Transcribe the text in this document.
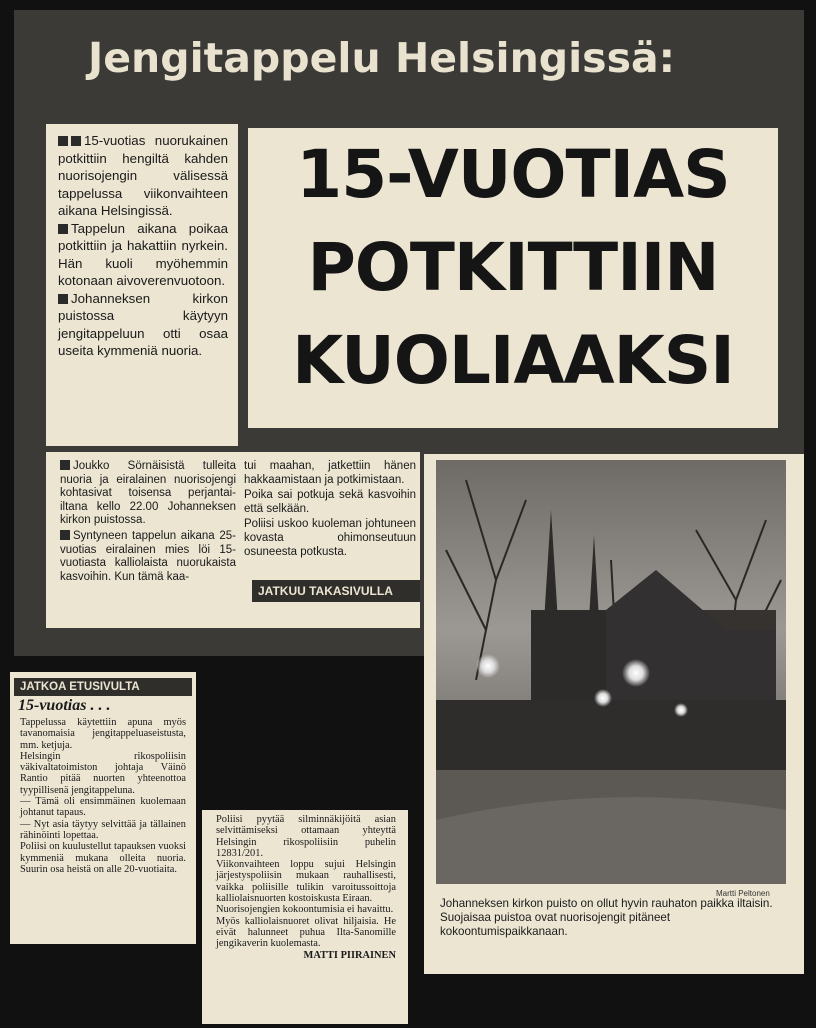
Jengitappelu Helsingissä:

15-vuotias nuorukainen potkittiin hengiltä kahden nuorisojengin välisessä tappelussa viikonvaihteen aikana Helsingissä.

Tappelun aikana poikaa potkittiin ja hakattiin nyrkein. Hän kuoli myöhemmin kotonaan aivoverenvuotoon.

Johanneksen kirkon puistossa käytyyn jengitappeluun otti osaa useita kymmeniä nuoria.

15-VUOTIAS
POTKITTIIN
KUOLIAAKSI

Joukko Sörnäisistä tulleita nuoria ja eiralainen nuorisojengi kohtasivat toisensa perjantai-iltana kello 22.00 Johanneksen kirkon puistossa.

Syntyneen tappelun aikana 25-vuotias eiralainen mies löi 15-vuotiasta kalliolaista nuorukaista kasvoihin. Kun tämä kaa-

tui maahan, jatkettiin hänen hakkaamistaan ja potkimistaan.

Poika sai potkuja sekä kasvoihin että selkään.

Poliisi uskoo kuoleman johtuneen kovasta ohimonseutuun osuneesta potkusta.

JATKUU TAKASIVULLA
Martti Peltonen
Johanneksen kirkon puisto on ollut hyvin rauhaton paikka iltaisin. Suojaisaa puistoa ovat nuorisojengit pitäneet kokoontumispaikkanaan.
JATKOA ETUSIVULTA
15-vuotias . . .

Tappelussa käytettiin apuna myös tavanomaisia jengitappeluaseistusta, mm. ketjuja.

Helsingin rikospoliisin väkivaltatoimiston johtaja Väinö Rantio pitää nuorten yhteenottoa tyypillisenä jengitappeluna.

— Tämä oli ensimmäinen kuolemaan johtanut tapaus.

— Nyt asia täytyy selvittää ja tällainen rähinöinti lopettaa.

Poliisi on kuulustellut tapauksen vuoksi kymmeniä mukana olleita nuoria. Suurin osa heistä on alle 20-vuotiaita.

Poliisi pyytää silminnäkijöitä asian selvittämiseksi ottamaan yhteyttä Helsingin rikospoliisiin puhelin 12831/201.

Viikonvaihteen loppu sujui Helsingin järjestyspoliisin mukaan rauhallisesti, vaikka poliisille tulikin varoitussoittoja kalliolaisnuorten kostoiskusta Eiraan.

Nuorisojengien kokoontumisia ei havaittu.

Myös kalliolaisnuoret olivat hiljaisia. He eivät halunneet puhua Ilta-Sanomille jengikaverin kuolemasta.

MATTI PIIRAINEN
